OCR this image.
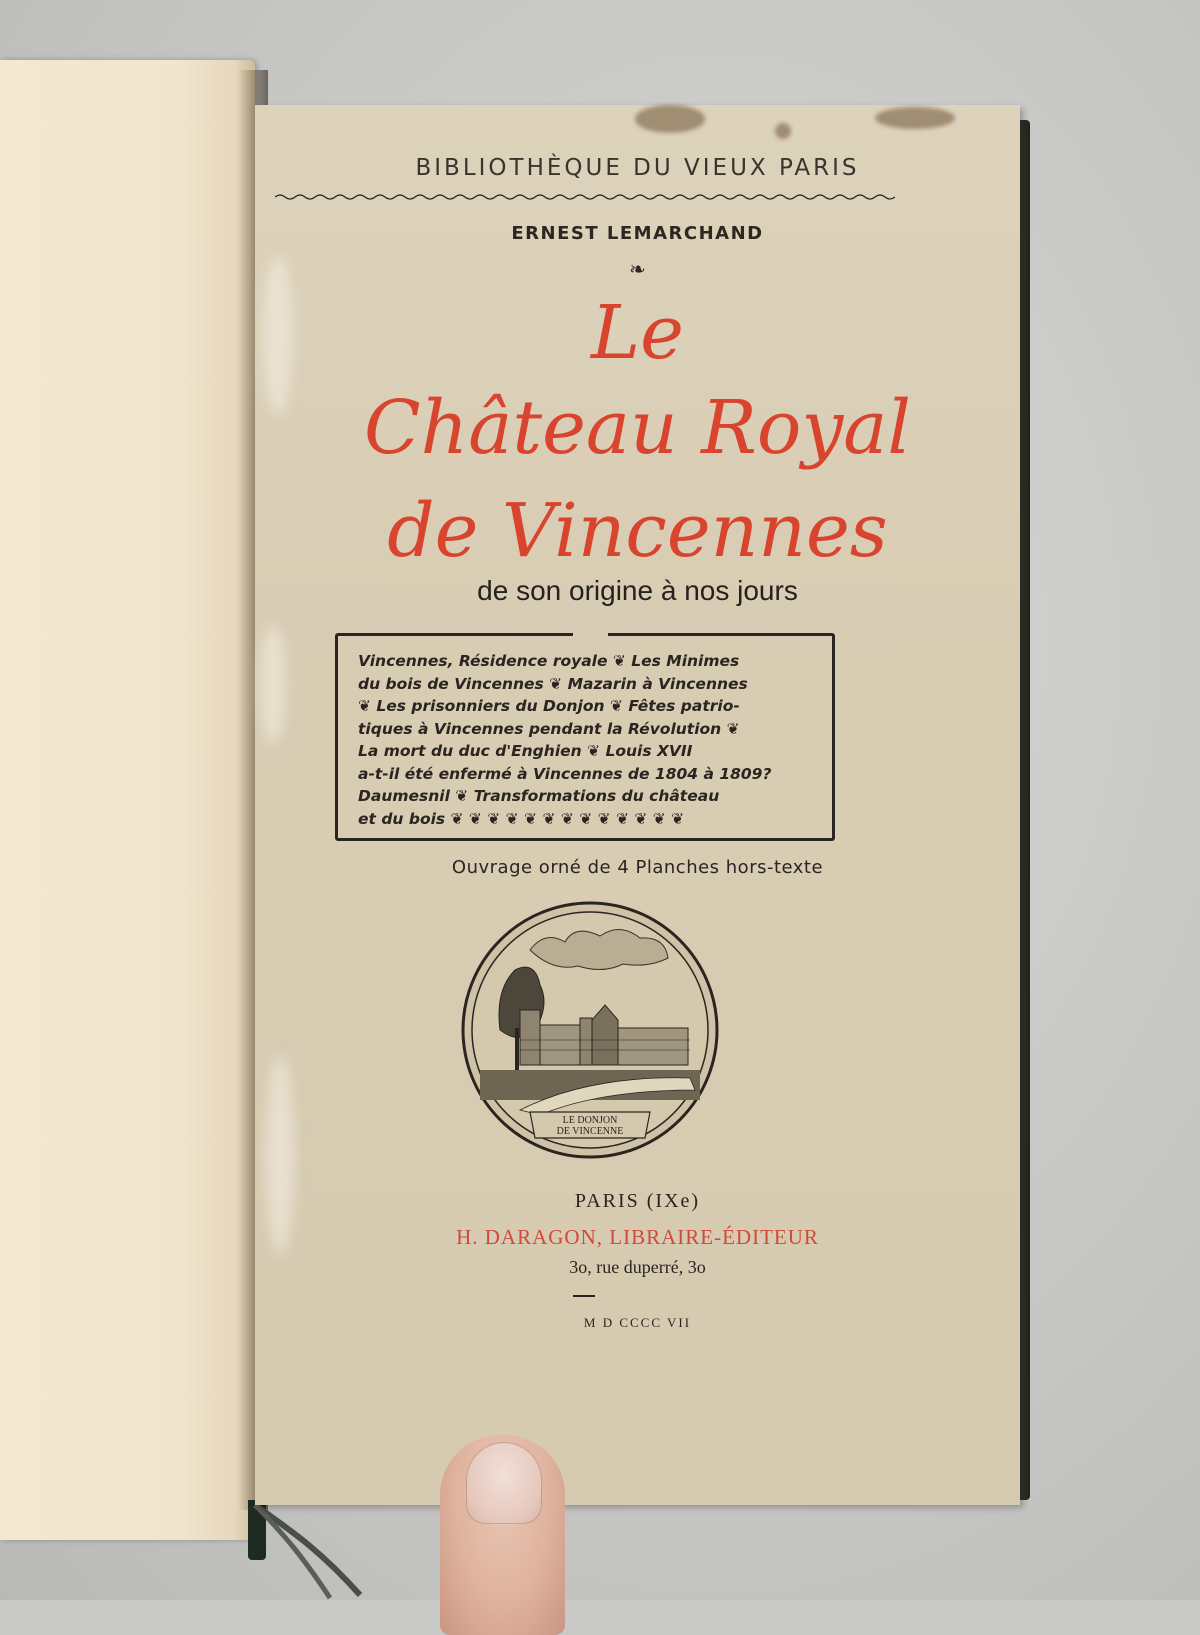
BIBLIOTHÈQUE DU VIEUX PARIS
ERNEST LEMARCHAND
❧
Le
Château Royal
de Vincennes
de son origine à nos jours
Vincennes, Résidence royale ❦ Les Minimes
du bois de Vincennes ❦ Mazarin à Vincennes
❦ Les prisonniers du Donjon ❦ Fêtes patrio-
tiques à Vincennes pendant la Révolution ❦
La mort du duc d'Enghien ❦ Louis XVII
a-t-il été enfermé à Vincennes de 1804 à 1809?
Daumesnil ❦ Transformations du château
et du bois ❦ ❦ ❦ ❦ ❦ ❦ ❦ ❦ ❦ ❦ ❦ ❦ ❦
Ouvrage orné de 4 Planches hors-texte
LE DONJON
DE VINCENNE
PARIS (IXe)
H. DARAGON, LIBRAIRE-ÉDITEUR
3o, rue duperré, 3o
M D CCCC VII
